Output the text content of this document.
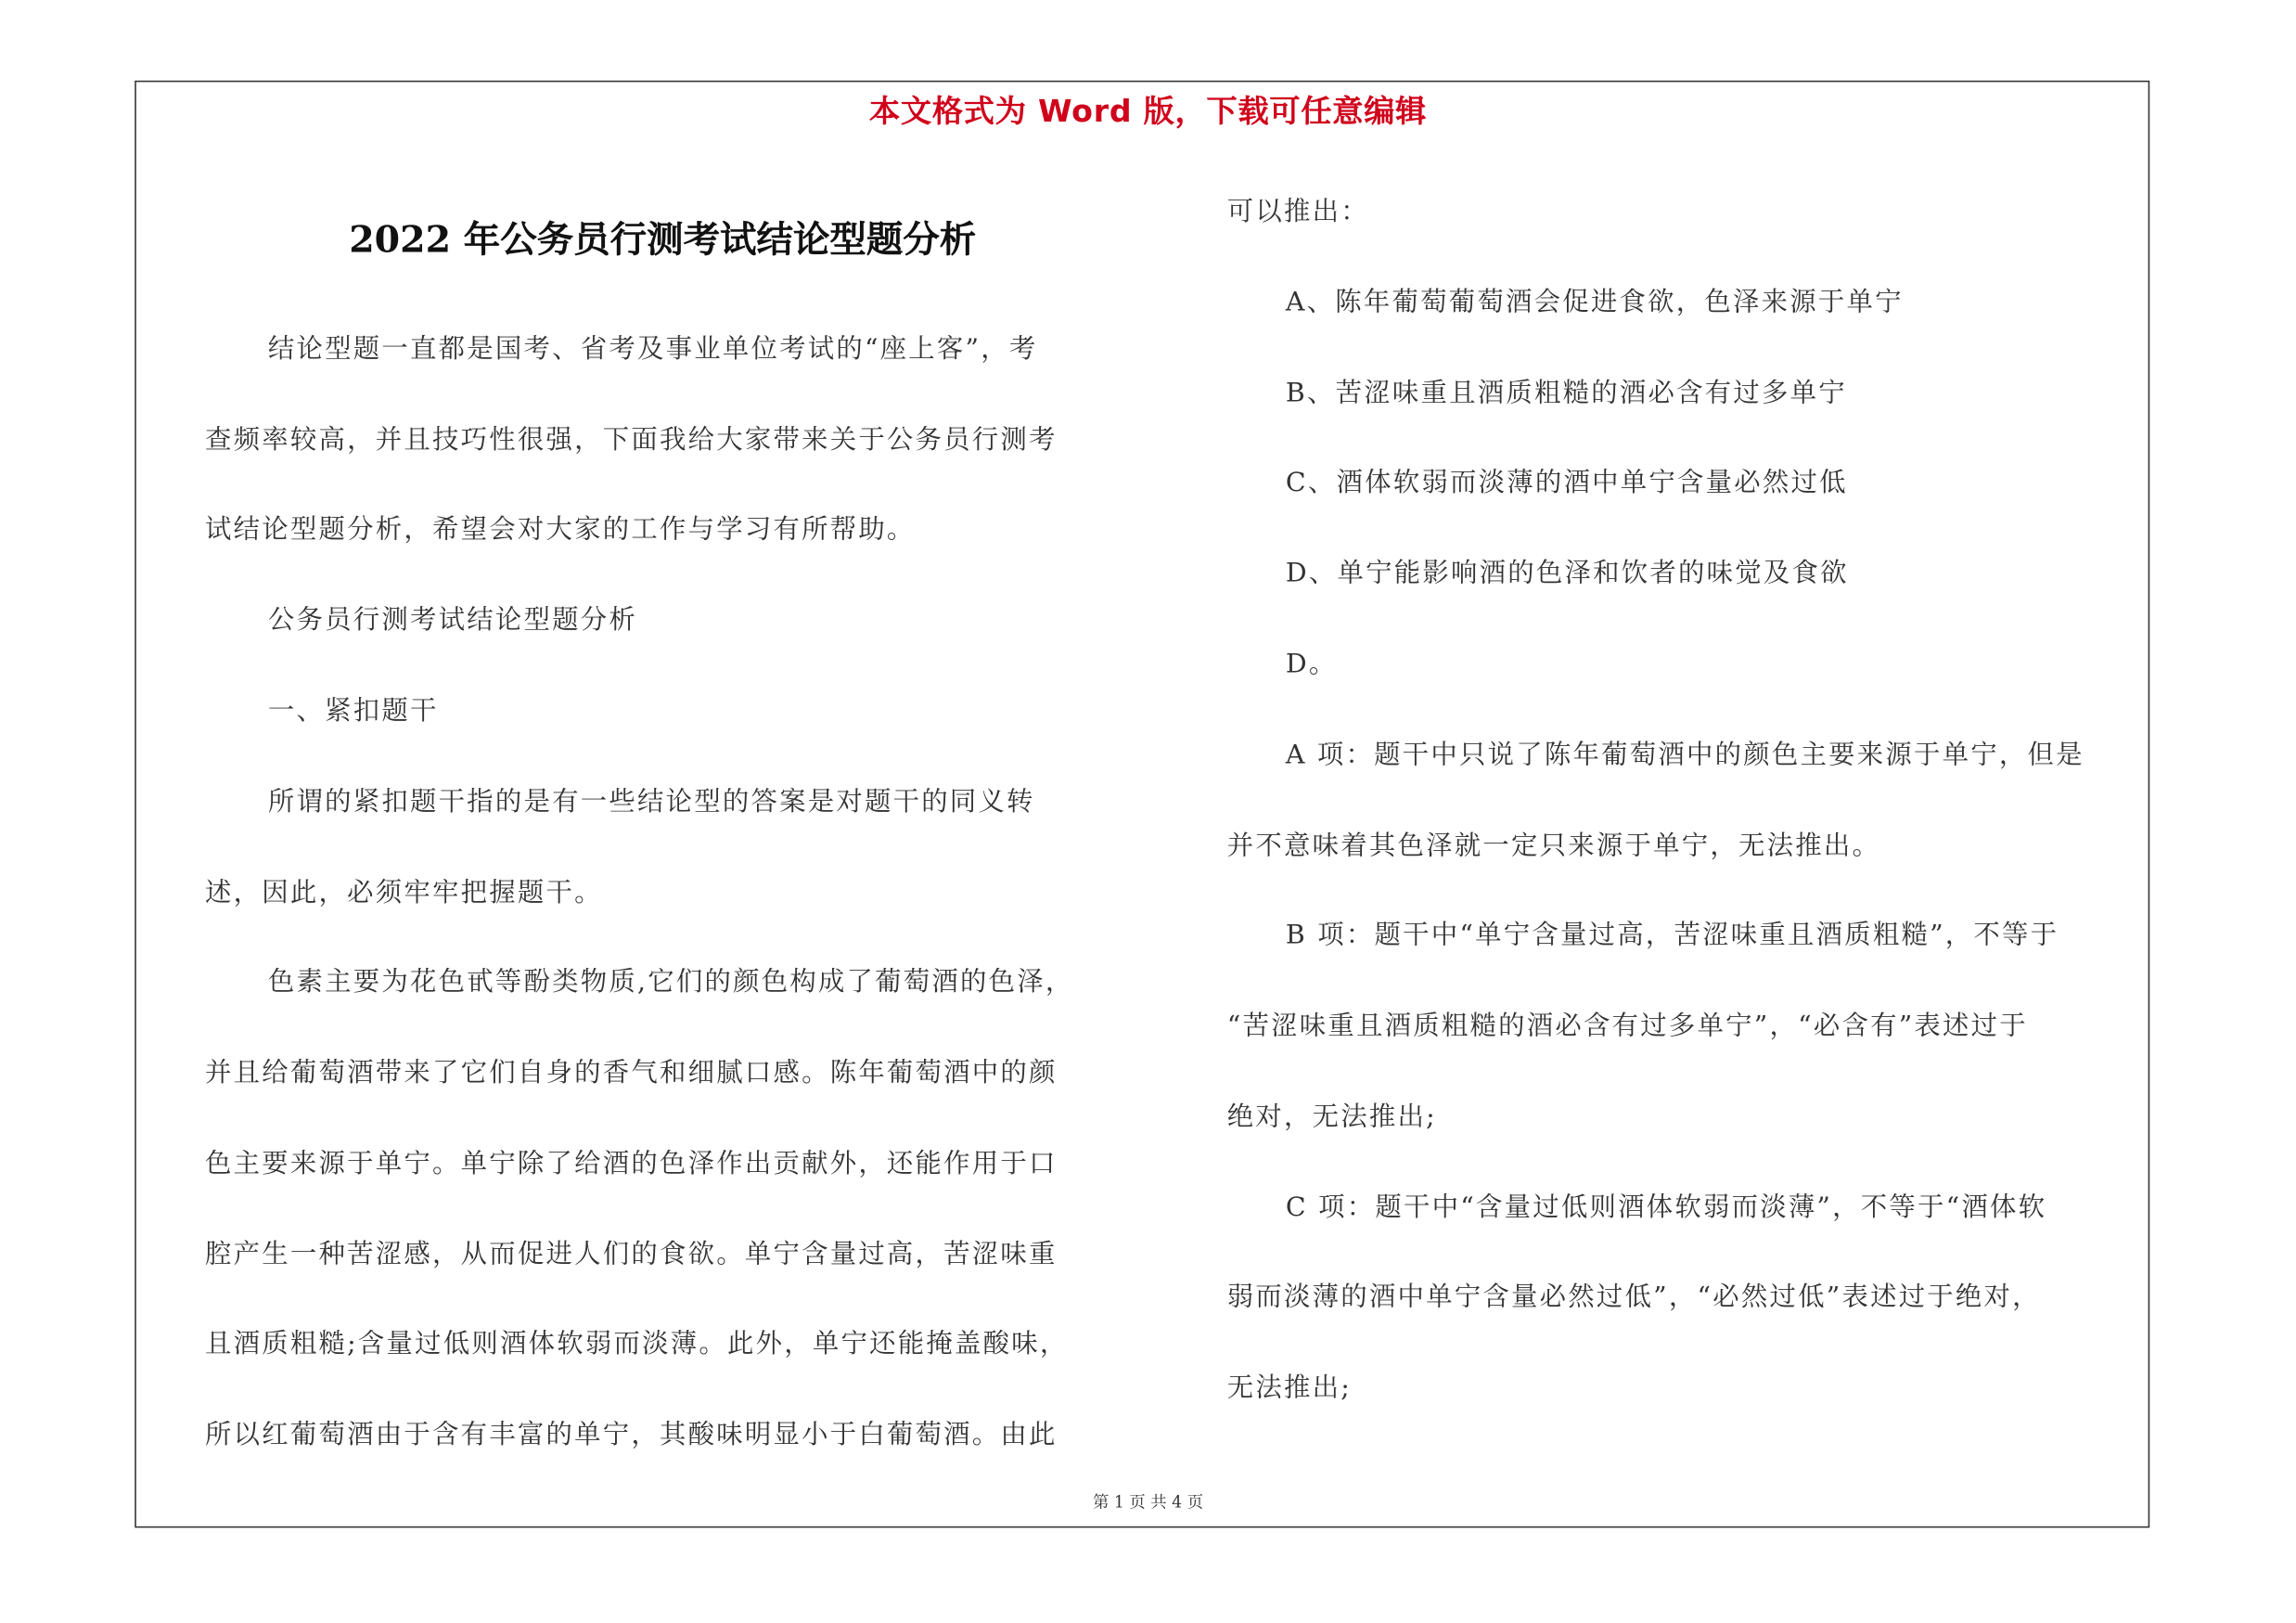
本文格式为 Word 版，下载可任意编辑
2022 年公务员行测考试结论型题分析
结论型题一直都是国考、省考及事业单位考试的“座上客”，考
查频率较高，并且技巧性很强，下面我给大家带来关于公务员行测考
试结论型题分析，希望会对大家的工作与学习有所帮助。
公务员行测考试结论型题分析
一、紧扣题干
所谓的紧扣题干指的是有一些结论型的答案是对题干的同义转
述，因此，必须牢牢把握题干。
色素主要为花色甙等酚类物质,它们的颜色构成了葡萄酒的色泽，
并且给葡萄酒带来了它们自身的香气和细腻口感。陈年葡萄酒中的颜
色主要来源于单宁。单宁除了给酒的色泽作出贡献外，还能作用于口
腔产生一种苦涩感，从而促进人们的食欲。单宁含量过高，苦涩味重
且酒质粗糙;含量过低则酒体软弱而淡薄。此外，单宁还能掩盖酸味，
所以红葡萄酒由于含有丰富的单宁，其酸味明显小于白葡萄酒。由此
可以推出：
A、陈年葡萄葡萄酒会促进食欲，色泽来源于单宁
B、苦涩味重且酒质粗糙的酒必含有过多单宁
C、酒体软弱而淡薄的酒中单宁含量必然过低
D、单宁能影响酒的色泽和饮者的味觉及食欲
D。
A 项：题干中只说了陈年葡萄酒中的颜色主要来源于单宁，但是
并不意味着其色泽就一定只来源于单宁，无法推出。
B 项：题干中“单宁含量过高，苦涩味重且酒质粗糙”，不等于
“苦涩味重且酒质粗糙的酒必含有过多单宁”，“必含有”表述过于
绝对，无法推出;
C 项：题干中“含量过低则酒体软弱而淡薄”，不等于“酒体软
弱而淡薄的酒中单宁含量必然过低”，“必然过低”表述过于绝对，
无法推出;
第 1 页 共 4 页
